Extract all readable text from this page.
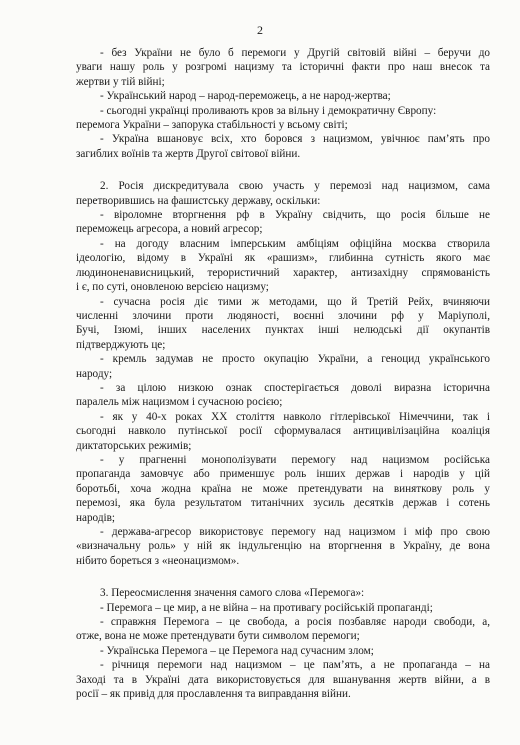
2
- без України не було б перемоги у Другій світовій війні – беручи до
уваги нашу роль у розгромі нацизму та історичні факти про наш внесок та
жертви у тій війні;
- Український народ – народ-переможець, а не народ-жертва;
- сьогодні українці проливають кров за вільну і демократичну Європу:
перемога України – запорука стабільності у всьому світі;
- Україна вшановує всіх, хто боровся з нацизмом, увічнює пам’ять про
загиблих воїнів та жертв Другої світової війни.
2. Росія дискредитувала свою участь у перемозі над нацизмом, сама
перетворившись на фашистську державу, оскільки:
- віроломне вторгнення рф в Україну свідчить, що росія більше не
переможець агресора, а новий агресор;
- на догоду власним імперським амбіціям офіційна москва створила
ідеологію, відому в Україні як «рашизм», глибинна сутність якого має
людиноненависницький, терористичний характер, антизахідну спрямованість
і є, по суті, оновленою версією нацизму;
- сучасна росія діє тими ж методами, що й Третій Рейх, вчиняючи
численні злочини проти людяності, воєнні злочини рф у Маріуполі,
Бучі, Ізюмі, інших населених пунктах інші нелюдські дії окупантів
підтверджують це;
- кремль задумав не просто окупацію України, а геноцид українського
народу;
- за цілою низкою ознак спостерігається доволі виразна історична
паралель між нацизмом і сучасною росією;
- як у 40-х роках XX століття навколо гітлерівської Німеччини, так і
сьогодні навколо путінської росії сформувалася антицивілізаційна коаліція
диктаторських режимів;
- у прагненні монополізувати перемогу над нацизмом російська
пропаганда замовчує або применшує роль інших держав і народів у цій
боротьбі, хоча жодна країна не може претендувати на виняткову роль у
перемозі, яка була результатом титанічних зусиль десятків держав і сотень
народів;
- держава-агресор використовує перемогу над нацизмом і міф про свою
«визначальну роль» у ній як індульгенцію на вторгнення в Україну, де вона
нібито бореться з «неонацизмом».
3. Переосмислення значення самого слова «Перемога»:
- Перемога – це мир, а не війна – на противагу російській пропаганді;
- справжня Перемога – це свобода, а росія позбавляє народи свободи, а,
отже, вона не може претендувати бути символом перемоги;
- Українська Перемога – це Перемога над сучасним злом;
- річниця перемоги над нацизмом – це пам’ять, а не пропаганда – на
Заході та в Україні дата використовується для вшанування жертв війни, а в
росії – як привід для прославлення та виправдання війни.
